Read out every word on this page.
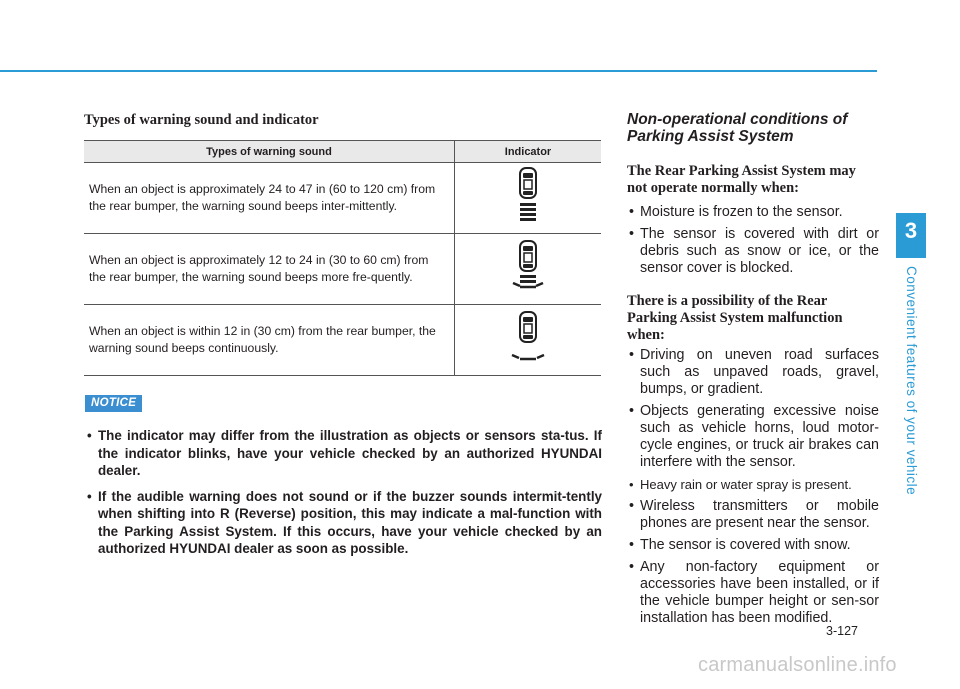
Types of warning sound and indicator
Types of warning sound	Indicator
When an object is approximately 24 to 47 in (60 to 120 cm) from the rear bumper, the warning sound beeps inter-mittently.	
When an object is approximately 12 to 24 in (30 to 60 cm) from the rear bumper, the warning sound beeps more fre-quently.	
When an object is within 12 in (30 cm) from the rear bumper, the warning sound beeps continuously.	
NOTICE
• The indicator may differ from the illustration as objects or sensors sta-tus. If the indicator blinks, have your vehicle checked by an authorized HYUNDAI dealer.
• If the audible warning does not sound or if the buzzer sounds intermit-tently when shifting into R (Reverse) position, this may indicate a mal-function with the Parking Assist System. If this occurs, have your vehicle checked by an authorized HYUNDAI dealer as soon as possible.

Non-operational conditions of Parking Assist System

The Rear Parking Assist System may not operate normally when:

• Moisture is frozen to the sensor.
• The sensor is covered with dirt or debris such as snow or ice, or the sensor cover is blocked.

There is a possibility of the Rear Parking Assist System malfunction when:

• Driving on uneven road surfaces such as unpaved roads, gravel, bumps, or gradient.
• Objects generating excessive noise such as vehicle horns, loud motor-cycle engines, or truck air brakes can interfere with the sensor.
• Heavy rain or water spray is present.
• Wireless transmitters or mobile phones are present near the sensor.
• The sensor is covered with snow.
• Any non-factory equipment or accessories have been installed, or if the vehicle bumper height or sen-sor installation has been modified.
3
Convenient features of your vehicle
3-127
carmanualsonline.info
